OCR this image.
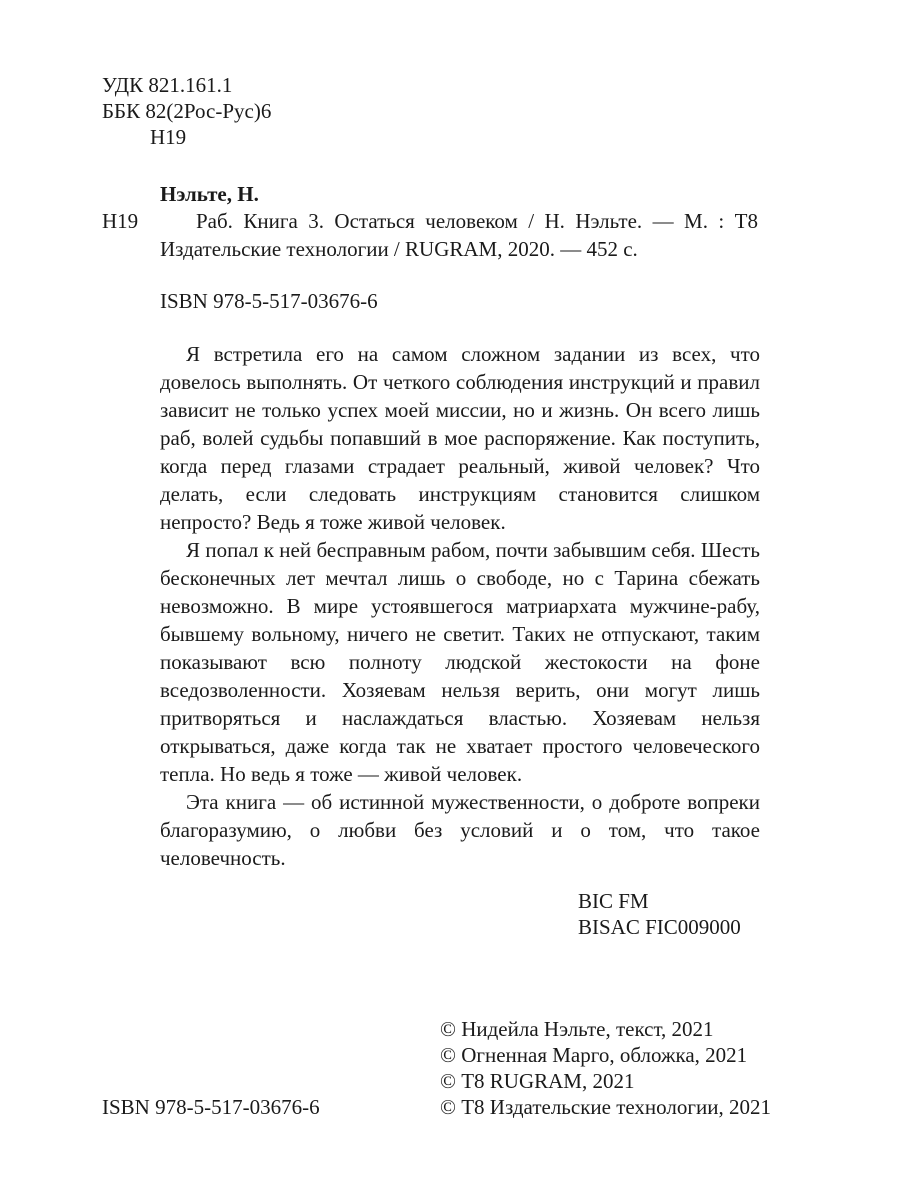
УДК 821.161.1
ББК 82(2Рос-Рус)6
Н19
Нэльте, Н.
Н19	Раб. Книга 3. Остаться человеком / Н. Нэльте. — М. : Т8
Издательские технологии / RUGRAM, 2020. — 452 с.
ISBN 978-5-517-03676-6

Я встретила его на самом сложном задании из всех, что довелось выполнять. От четкого соблюдения инструкций и правил зависит не только успех моей миссии, но и жизнь. Он всего лишь раб, волей судьбы попавший в мое распоряжение. Как поступить, когда перед глазами страдает реальный, живой человек? Что делать, если следовать инструкциям становится слишком непросто? Ведь я тоже живой человек.

Я попал к ней бесправным рабом, почти забывшим себя. Шесть бесконечных лет мечтал лишь о свободе, но с Тарина сбежать невозможно. В мире устоявшегося матриархата мужчине-рабу, бывшему вольному, ничего не светит. Таких не отпускают, таким показывают всю полноту людской жестокости на фоне вседозволенности. Хозяевам нельзя верить, они могут лишь притворяться и наслаждаться властью. Хозяевам нельзя открываться, даже когда так не хватает простого человеческого тепла. Но ведь я тоже — живой человек.

Эта книга — об истинной мужественности, о доброте вопреки благоразумию, о любви без условий и о том, что такое человечность.

BIC FM
BISAC FIC009000
© Нидейла Нэльте, текст, 2021
© Огненная Марго, обложка, 2021
© Т8 RUGRAM, 2021
© Т8 Издательские технологии, 2021
ISBN 978-5-517-03676-6
